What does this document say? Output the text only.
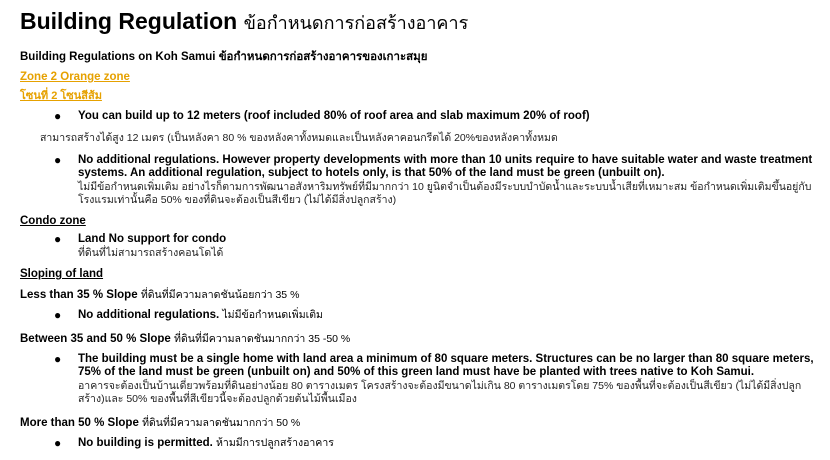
Building Regulation ข้อกำหนดการก่อสร้างอาคาร
Building Regulations on Koh Samui ข้อกำหนดการก่อสร้างอาคารของเกาะสมุย
Zone 2 Orange zone
โซนที่ 2 โซนสีส้ม
● You can build up to 12 meters (roof included 80% of roof area and slab maximum 20% of roof)
สามารถสร้างได้สูง 12 เมตร (เป็นหลังคา 80 % ของหลังคาทั้งหมดและเป็นหลังคาคอนกรีตได้ 20%ของหลังคาทั้งหมด
● No additional regulations. However property developments with more than 10 units require to have suitable water and waste treatment systems. An additional regulation, subject to hotels only, is that 50% of the land must be green (unbuilt on).
ไม่มีข้อกำหนดเพิ่มเติม อย่างไรก็ตามการพัฒนาอสังหาริมทรัพย์ที่มีมากกว่า 10 ยูนิตจำเป็นต้องมีระบบบำบัดน้ำและระบบน้ำเสียที่เหมาะสม ข้อกำหนดเพิ่มเติมขึ้นอยู่กับโรงแรมเท่านั้นคือ 50% ของที่ดินจะต้องเป็นสีเขียว (ไม่ได้มีสิ่งปลูกสร้าง)
Condo zone
● Land No support for condo
ที่ดินที่ไม่สามารถสร้างคอนโดได้
Sloping of land
Less than 35 % Slope ที่ดินที่มีความลาดชันน้อยกว่า 35 %
● No additional regulations. ไม่มีข้อกำหนดเพิ่มเติม
Between 35 and 50 % Slope ที่ดินที่มีความลาดชันมากกว่า 35 -50 %
● The building must be a single home with land area a minimum of 80 square meters. Structures can be no larger than 80 square meters, 75% of the land must be green (unbuilt on) and 50% of this green land must have be planted with trees native to Koh Samui.
อาคารจะต้องเป็นบ้านเดี่ยวพร้อมที่ดินอย่างน้อย 80 ตารางเมตร โครงสร้างจะต้องมีขนาดไม่เกิน 80 ตารางเมตรโดย 75% ของพื้นที่จะต้องเป็นสีเขียว (ไม่ได้มีสิ่งปลูกสร้าง)และ 50% ของพื้นที่สีเขียวนี้จะต้องปลูกด้วยต้นไม้พื้นเมือง
More than 50 % Slope ที่ดินที่มีความลาดชันมากกว่า 50 %
● No building is permitted. ห้ามมีการปลูกสร้างอาคาร
